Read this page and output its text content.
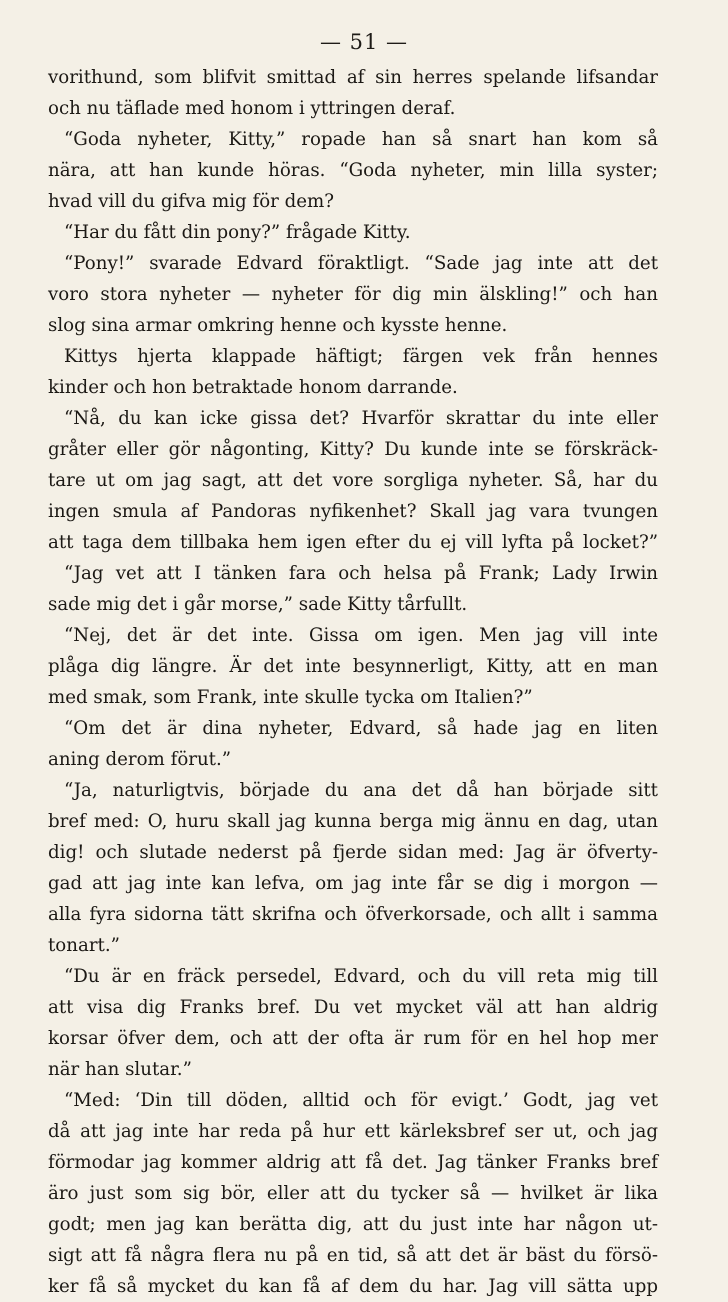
— 51 —
vorithund, som blifvit smittad af sin herres spelande lifsandar
och nu täflade med honom i yttringen deraf.
“Goda nyheter, Kitty,” ropade han så snart han kom så
nära, att han kunde höras. “Goda nyheter, min lilla syster;
hvad vill du gifva mig för dem?
“Har du fått din pony?” frågade Kitty.
“Pony!” svarade Edvard föraktligt. “Sade jag inte att det
voro stora nyheter — nyheter för dig min älskling!” och han
slog sina armar omkring henne och kysste henne.
Kittys hjerta klappade häftigt; färgen vek från hennes
kinder och hon betraktade honom darrande.
“Nå, du kan icke gissa det? Hvarför skrattar du inte eller
gråter eller gör någonting, Kitty? Du kunde inte se förskräck-
tare ut om jag sagt, att det vore sorgliga nyheter. Så, har du
ingen smula af Pandoras nyfikenhet? Skall jag vara tvungen
att taga dem tillbaka hem igen efter du ej vill lyfta på locket?”
“Jag vet att I tänken fara och helsa på Frank; Lady Irwin
sade mig det i går morse,” sade Kitty tårfullt.
“Nej, det är det inte. Gissa om igen. Men jag vill inte
plåga dig längre. Är det inte besynnerligt, Kitty, att en man
med smak, som Frank, inte skulle tycka om Italien?”
“Om det är dina nyheter, Edvard, så hade jag en liten
aning derom förut.”
“Ja, naturligtvis, började du ana det då han började sitt
bref med: O, huru skall jag kunna berga mig ännu en dag, utan
dig! och slutade nederst på fjerde sidan med: Jag är öfverty-
gad att jag inte kan lefva, om jag inte får se dig i morgon —
alla fyra sidorna tätt skrifna och öfverkorsade, och allt i samma
tonart.”
“Du är en fräck persedel, Edvard, och du vill reta mig till
att visa dig Franks bref. Du vet mycket väl att han aldrig
korsar öfver dem, och att der ofta är rum för en hel hop mer
när han slutar.”
“Med: ‘Din till döden, alltid och för evigt.’ Godt, jag vet
då att jag inte har reda på hur ett kärleksbref ser ut, och jag
förmodar jag kommer aldrig att få det. Jag tänker Franks bref
äro just som sig bör, eller att du tycker så — hvilket är lika
godt; men jag kan berätta dig, att du just inte har någon ut-
sigt att få några flera nu på en tid, så att det är bäst du försö-
ker få så mycket du kan få af dem du har. Jag vill sätta upp
